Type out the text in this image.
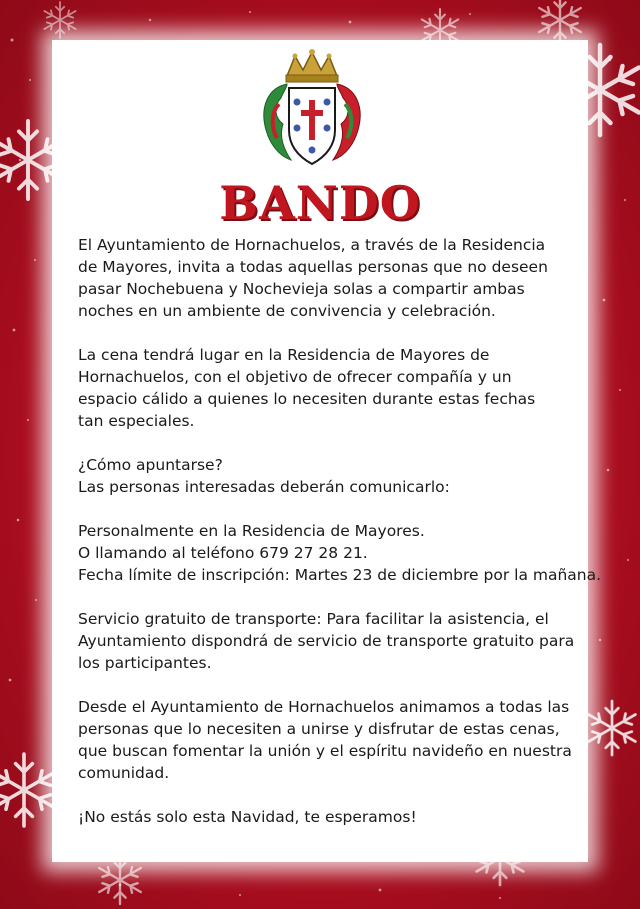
BANDO

El Ayuntamiento de Hornachuelos, a través de la Residencia
de Mayores, invita a todas aquellas personas que no deseen
pasar Nochebuena y Nochevieja solas a compartir ambas
noches en un ambiente de convivencia y celebración.

La cena tendrá lugar en la Residencia de Mayores de
Hornachuelos, con el objetivo de ofrecer compañía y un
espacio cálido a quienes lo necesiten durante estas fechas
tan especiales.

¿Cómo apuntarse?
Las personas interesadas deberán comunicarlo:

Personalmente en la Residencia de Mayores.
O llamando al teléfono 679 27 28 21.
Fecha límite de inscripción: Martes 23 de diciembre por la mañana.

Servicio gratuito de transporte: Para facilitar la asistencia, el
Ayuntamiento dispondrá de servicio de transporte gratuito para
los participantes.

Desde el Ayuntamiento de Hornachuelos animamos a todas las
personas que lo necesiten a unirse y disfrutar de estas cenas,
que buscan fomentar la unión y el espíritu navideño en nuestra
comunidad.

¡No estás solo esta Navidad, te esperamos!
